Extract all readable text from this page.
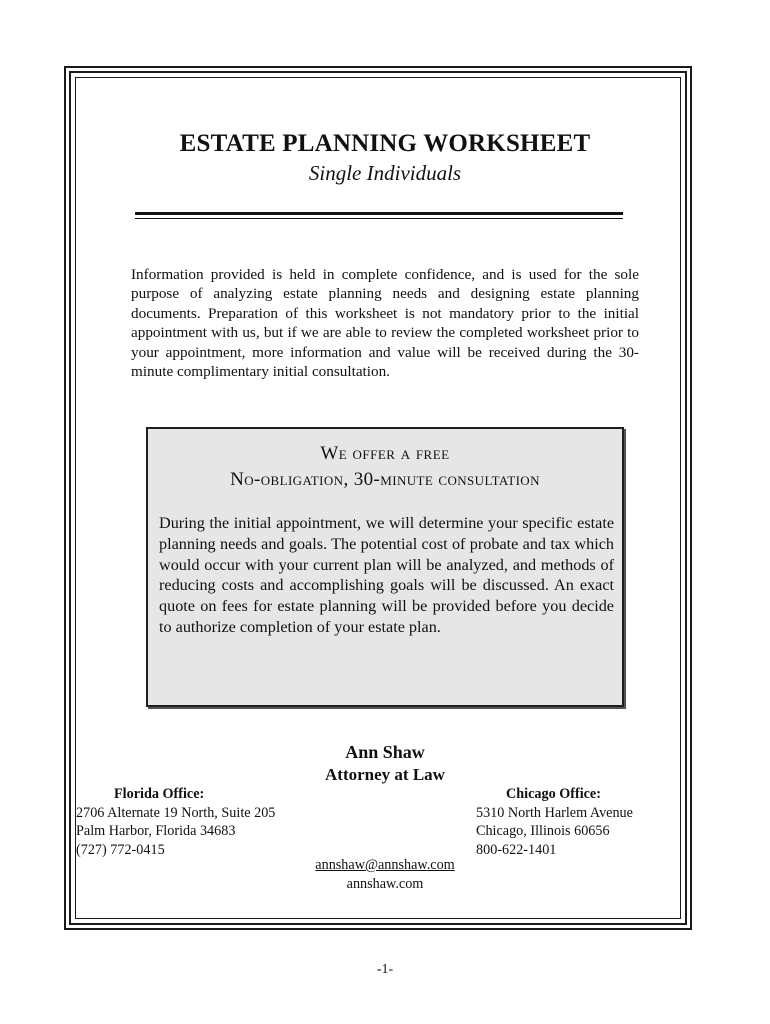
ESTATE PLANNING WORKSHEET
Single Individuals
Information provided is held in complete confidence, and is used for the sole purpose of analyzing estate planning needs and designing estate planning documents. Preparation of this worksheet is not mandatory prior to the initial appointment with us, but if we are able to review the completed worksheet prior to your appointment, more information and value will be received during the 30-minute complimentary initial consultation.
We offer a free
No-obligation, 30-minute consultation
During the initial appointment, we will determine your specific estate planning needs and goals. The potential cost of probate and tax which would occur with your current plan will be analyzed, and methods of reducing costs and accomplishing goals will be discussed. An exact quote on fees for estate planning will be provided before you decide to authorize completion of your estate plan.
Ann Shaw
Attorney at Law
Florida Office:
2706 Alternate 19 North, Suite 205
Palm Harbor, Florida 34683
(727) 772-0415
Chicago Office:
5310 North Harlem Avenue
Chicago, Illinois 60656
800-622-1401
annshaw@annshaw.com
annshaw.com
-1-
